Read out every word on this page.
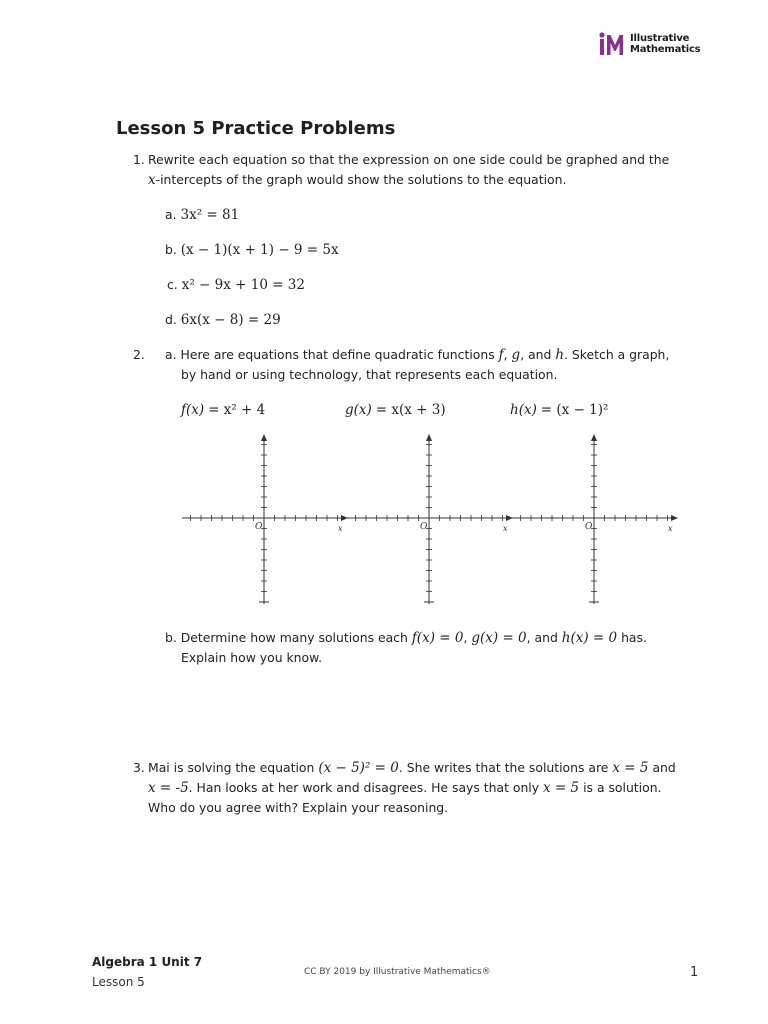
Illustrative
Mathematics
Lesson 5 Practice Problems
1. Rewrite each equation so that the expression on one side could be graphed and the
x-intercepts of the graph would show the solutions to the equation.
a. 3x² = 81
b. (x − 1)(x + 1) − 9 = 5x
c. x² − 9x + 10 = 32
d. 6x(x − 8) = 29
2. a. Here are equations that define quadratic functions f, g, and h. Sketch a graph,
by hand or using technology, that represents each equation.
f(x) = x² + 4	g(x) = x(x + 3)	h(x) = (x − 1)²
O	x	O	x	O	x
b. Determine how many solutions each f(x) = 0, g(x) = 0, and h(x) = 0 has.
Explain how you know.
3. Mai is solving the equation (x − 5)² = 0. She writes that the solutions are x = 5 and
x = -5. Han looks at her work and disagrees. He says that only x = 5 is a solution.
Who do you agree with? Explain your reasoning.
Algebra 1 Unit 7
Lesson 5
CC BY 2019 by Illustrative Mathematics®	1
